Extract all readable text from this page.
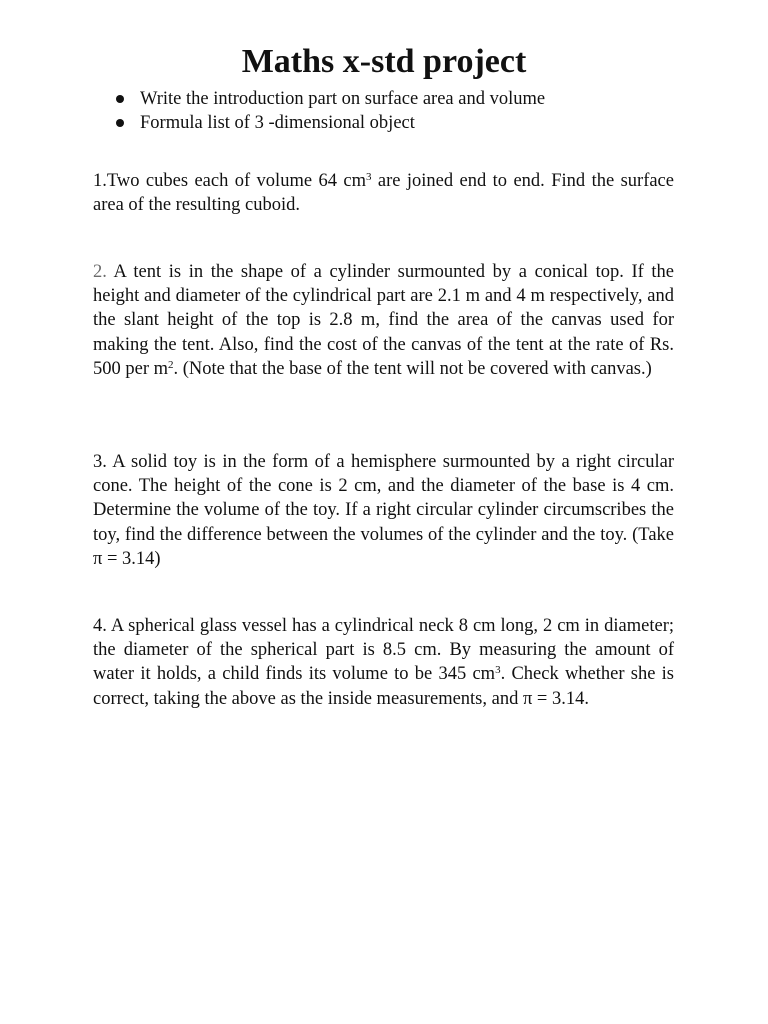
Maths x-std project
Write the introduction part on surface area and volume
Formula list of 3 -dimensional object

1.Two cubes each of volume 64 $cm^3$ are joined end to end. Find the surface area of the resulting cuboid.

2. A tent is in the shape of a cylinder surmounted by a conical top. If the height and diameter of the cylindrical part are 2.1 m and 4 m respectively, and the slant height of the top is 2.8 m, find the area of the canvas used for making the tent. Also, find the cost of the canvas of the tent at the rate of Rs. 500 per $m^2$. (Note that the base of the tent will not be covered with canvas.)

3. A solid toy is in the form of a hemisphere surmounted by a right circular cone. The height of the cone is 2 cm, and the diameter of the base is 4 cm. Determine the volume of the toy. If a right circular cylinder circumscribes the toy, find the difference between the volumes of the cylinder and the toy. (Take π = 3.14)

4. A spherical glass vessel has a cylindrical neck 8 cm long, 2 cm in diameter; the diameter of the spherical part is 8.5 cm. By measuring the amount of water it holds, a child finds its volume to be 345 $cm^3$. Check whether she is correct, taking the above as the inside measurements, and π = 3.14.
